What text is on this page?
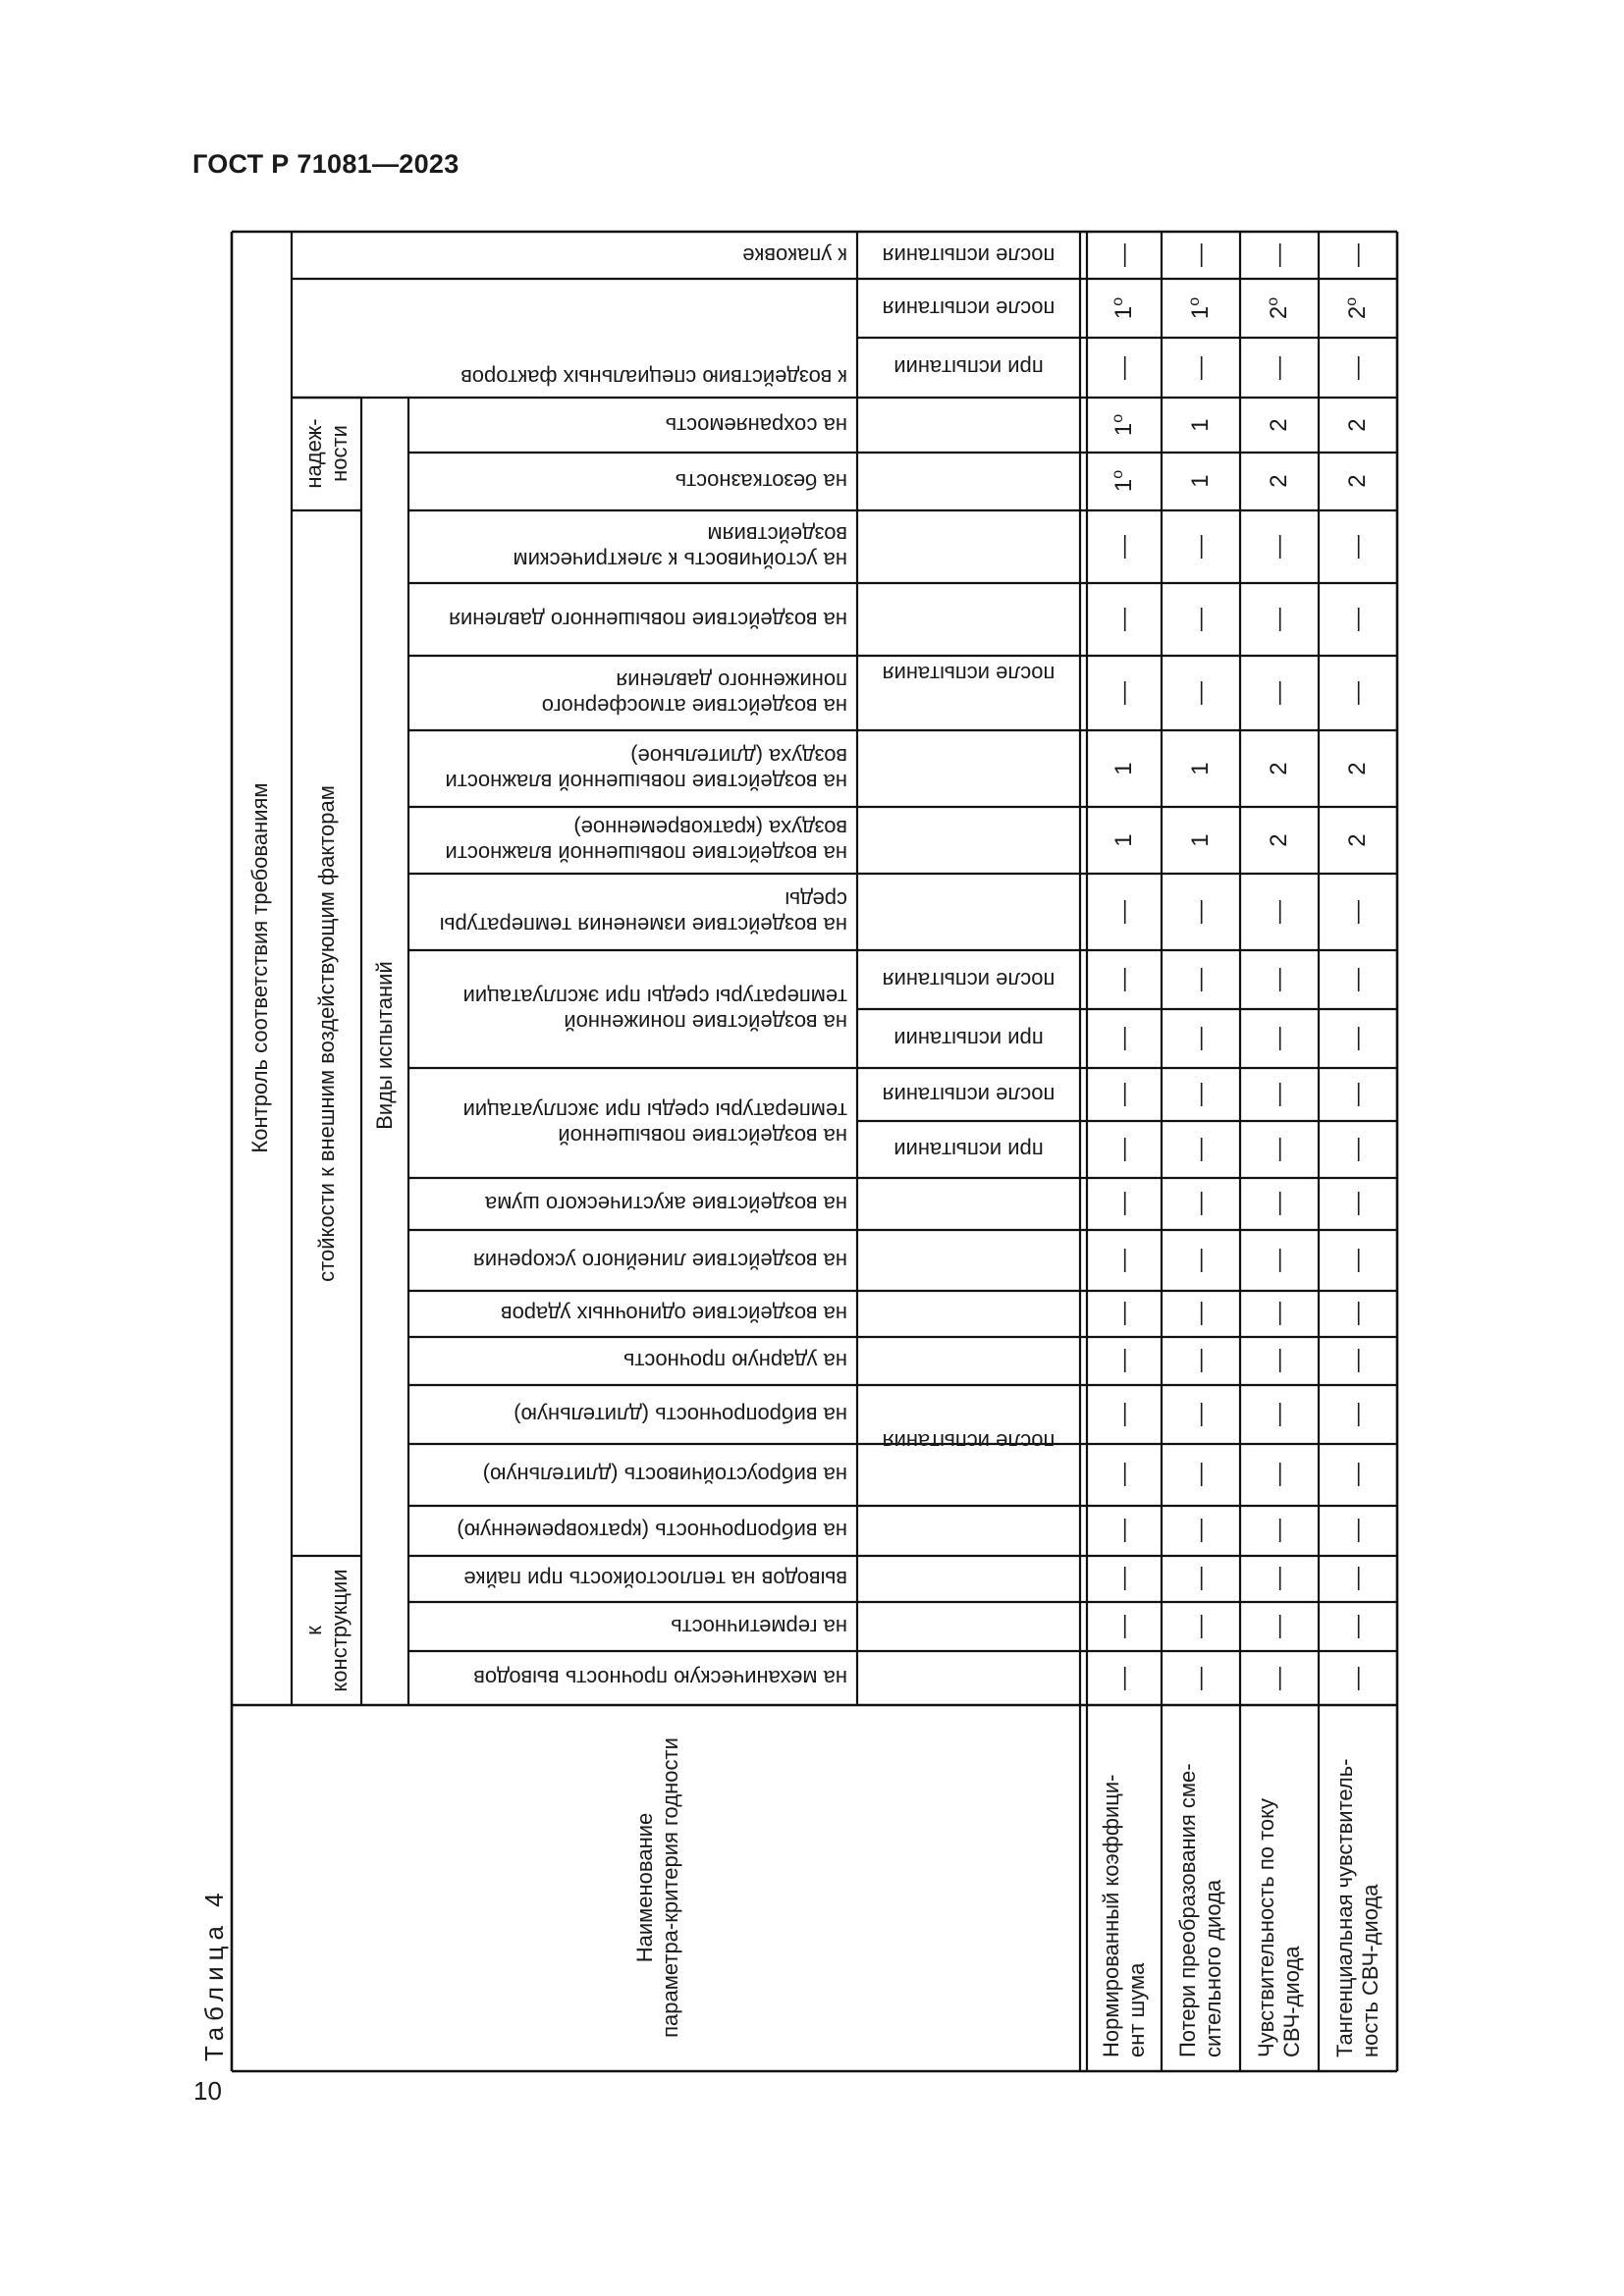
ГОСТ Р 71081—2023
Таблица 4
10
Контроль соответствия требованиям
к
конструкции
стойкости к внешним воздействующим факторам
надеж-
ности
Виды испытаний
Наименование
параметра-критерия годности
на механическую прочность выводов
на герметичность
выводов на теплостойкость при пайке
на вибропрочность (кратковременную)
на виброустойчивость (длительную)
на вибропрочность (длительную)
на ударную прочность
на воздействие одиночных ударов
на воздействие линейного ускорения
на воздействие акустического шума
на воздействие повышенной
температуры среды при эксплуатации
на воздействие пониженной
температуры среды при эксплуатации
на воздействие изменения температуры
среды
на воздействие повышенной влажности
воздуха (кратковременное)
на воздействие повышенной влажности
воздуха (длительное)
на воздействие атмосферного
пониженного давления
на воздействие повышенного давления
на устойчивость к электрическим
воздействиям
на безотказность
на сохраняемость
к воздействию специальных факторов
к упаковке
после испытания
при испытании
после испытания
при испытании
после испытания
после испытания
при испытании
после испытания
после испытания
Нормированный коэффици-
ент шума Потери преобразования сме-
сительного диода Чувствительность по току
СВЧ-диода Тангенциальная чувствитель-
ность СВЧ-диода
— — — —
— — — —
— — — —
— — — —
— — — —
— — — —
— — — —
— — — —
— — — —
— — — —
— — — —
— — — —
— — — —
— — — —
— — — —
— — — —
1 1 2 2
1 1 2 2
— — — —
— — — —
$1^о$	1 2 2
$1^о$	1 2 2
— — — —
$1^о$
$1^о$
$2^о$
$2^о$
— — — —
